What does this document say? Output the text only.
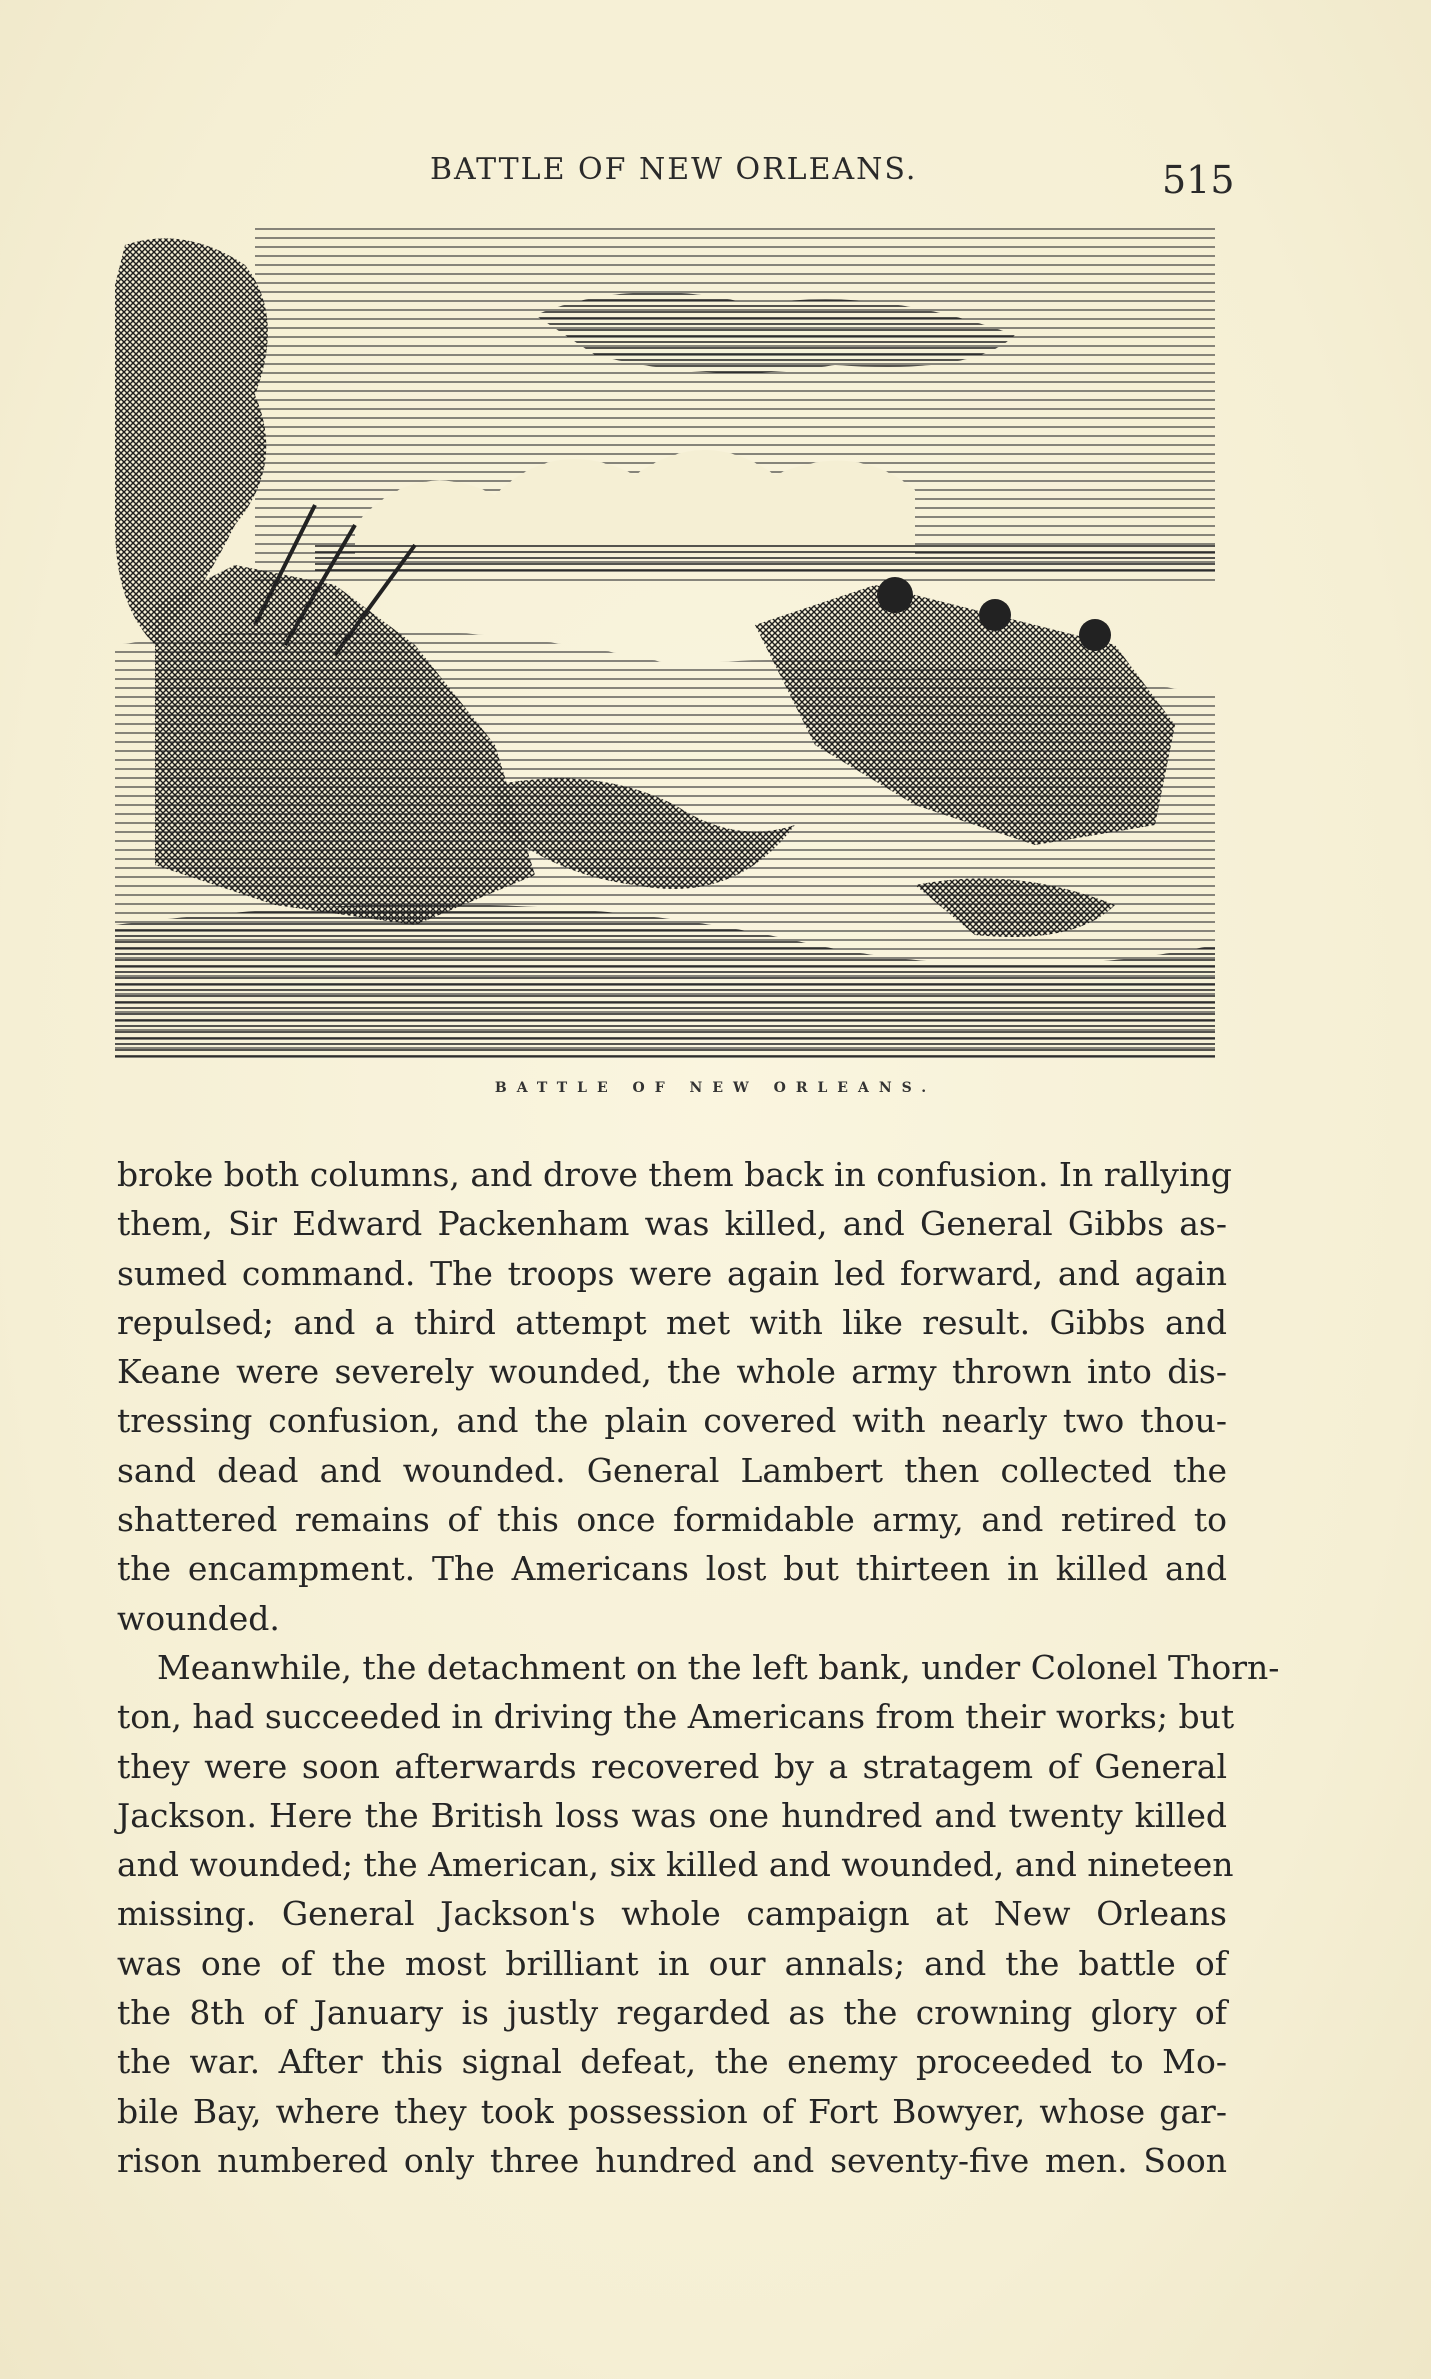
BATTLE OF NEW ORLEANS.	515
BATTLE OF NEW ORLEANS.
broke both columns, and drove them back in confusion. In rallying
them, Sir Edward Packenham was killed, and General Gibbs as-
sumed command. The troops were again led forward, and again
repulsed; and a third attempt met with like result. Gibbs and
Keane were severely wounded, the whole army thrown into dis-
tressing confusion, and the plain covered with nearly two thou-
sand dead and wounded. General Lambert then collected the
shattered remains of this once formidable army, and retired to
the encampment. The Americans lost but thirteen in killed and
wounded.
Meanwhile, the detachment on the left bank, under Colonel Thorn-
ton, had succeeded in driving the Americans from their works; but
they were soon afterwards recovered by a stratagem of General
Jackson. Here the British loss was one hundred and twenty killed
and wounded; the American, six killed and wounded, and nineteen
missing. General Jackson's whole campaign at New Orleans
was one of the most brilliant in our annals; and the battle of
the 8th of January is justly regarded as the crowning glory of
the war. After this signal defeat, the enemy proceeded to Mo-
bile Bay, where they took possession of Fort Bowyer, whose gar-
rison numbered only three hundred and seventy-five men. Soon
